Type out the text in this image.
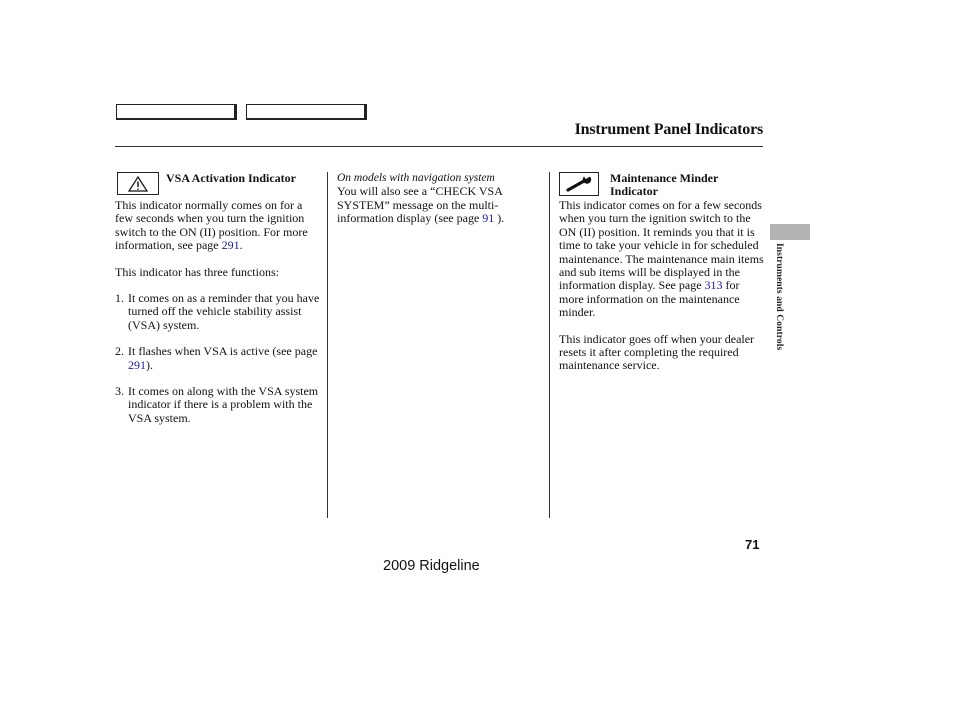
Instrument Panel Indicators
VSA Activation Indicator

This indicator normally comes on for a few seconds when you turn the ignition switch to the ON (II) position. For more information, see page 291.

This indicator has three functions:

1. It comes on as a reminder that you have turned off the vehicle stability assist (VSA) system.
2. It flashes when VSA is active (see page 291).
3. It comes on along with the VSA system indicator if there is a problem with the VSA system.

On models with navigation system

You will also see a “CHECK VSA SYSTEM” message on the multi-information display (see page 91 ).

Maintenance Minder
Indicator

This indicator comes on for a few seconds when you turn the ignition switch to the ON (II) position. It reminds you that it is time to take your vehicle in for scheduled maintenance. The maintenance main items and sub items will be displayed in the information display. See page 313 for more information on the maintenance minder.

This indicator goes off when your dealer resets it after completing the required maintenance service.

Instruments and Controls
71
2009 Ridgeline
